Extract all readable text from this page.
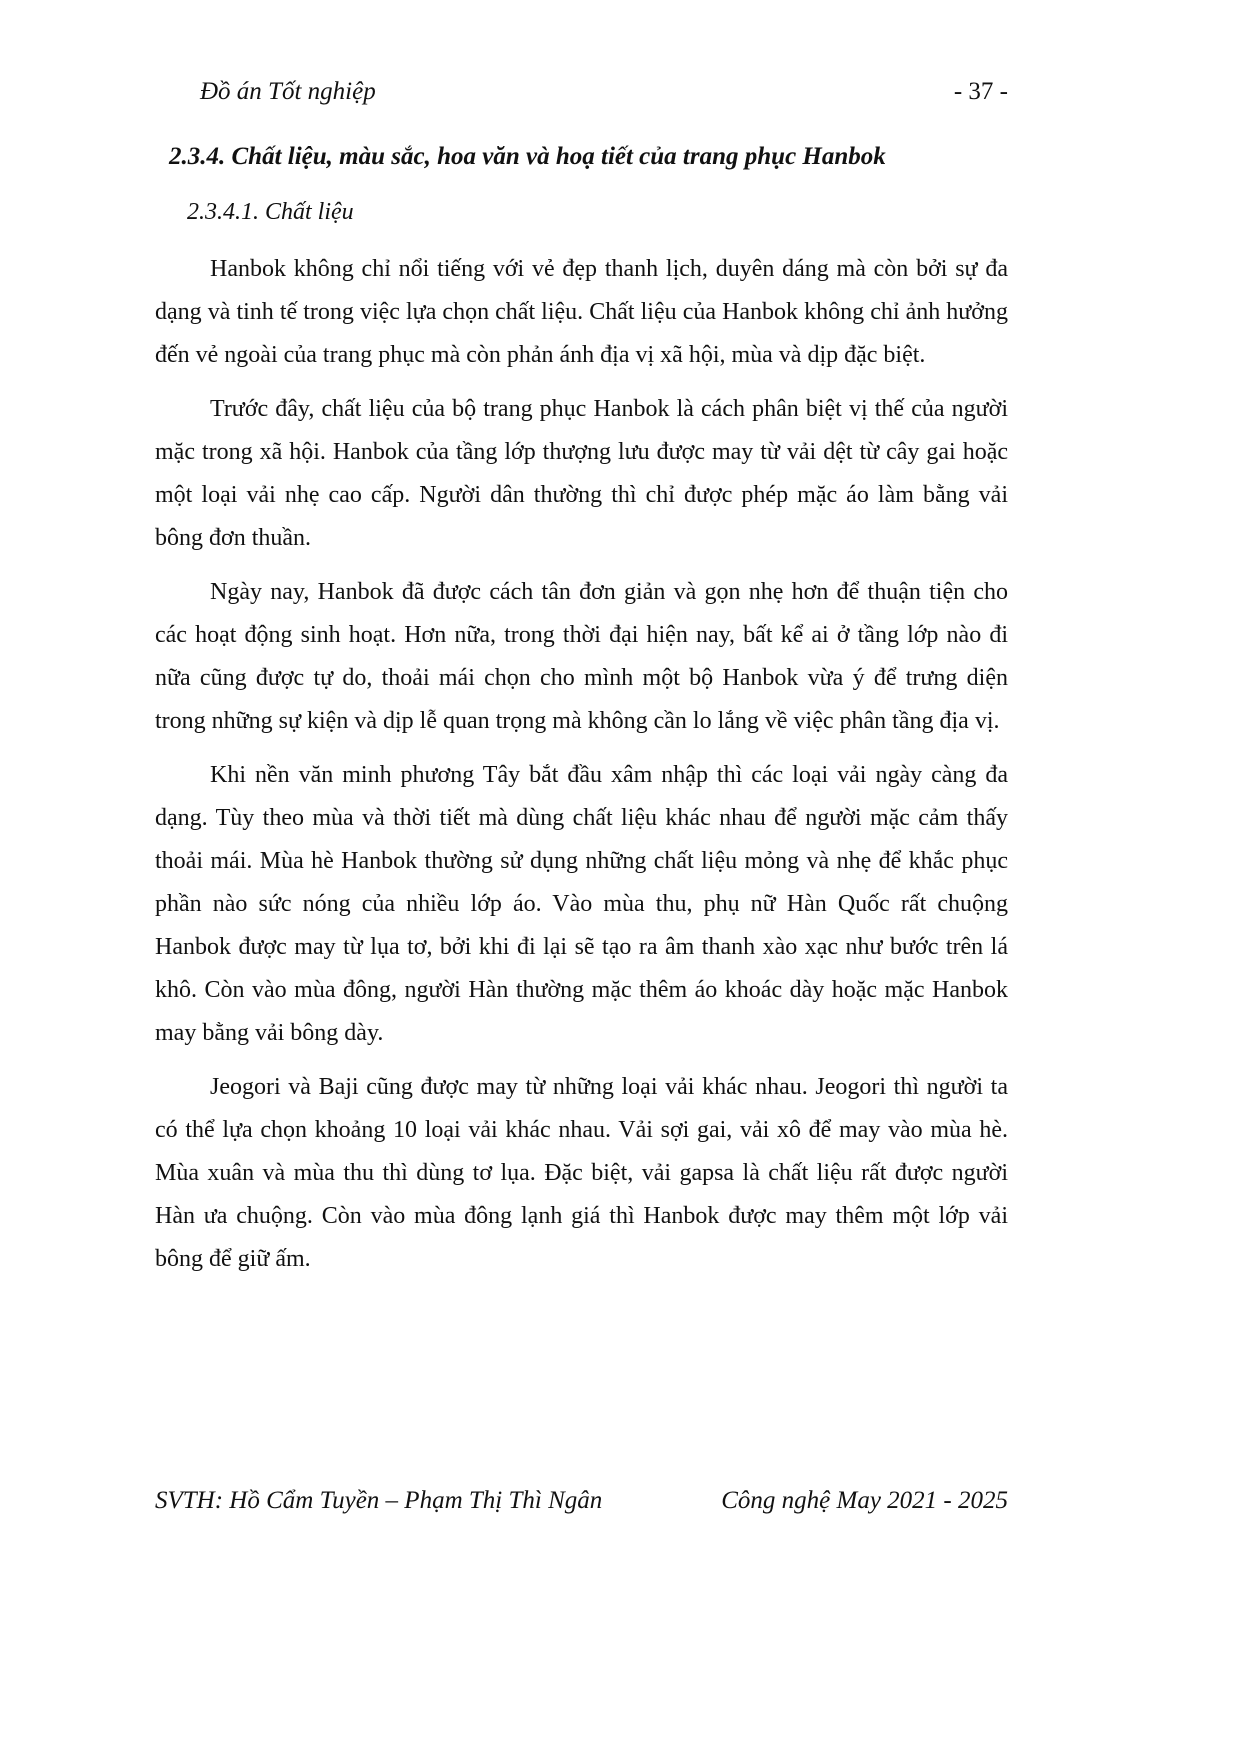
Đồ án Tốt nghiệp	- 37 -
2.3.4. Chất liệu, màu sắc, hoa văn và hoạ tiết của trang phục Hanbok
2.3.4.1. Chất liệu

Hanbok không chỉ nổi tiếng với vẻ đẹp thanh lịch, duyên dáng mà còn bởi sự đa dạng và tinh tế trong việc lựa chọn chất liệu. Chất liệu của Hanbok không chỉ ảnh hưởng đến vẻ ngoài của trang phục mà còn phản ánh địa vị xã hội, mùa và dịp đặc biệt.

Trước đây, chất liệu của bộ trang phục Hanbok là cách phân biệt vị thế của người mặc trong xã hội. Hanbok của tầng lớp thượng lưu được may từ vải dệt từ cây gai hoặc một loại vải nhẹ cao cấp. Người dân thường thì chỉ được phép mặc áo làm bằng vải bông đơn thuần.

Ngày nay, Hanbok đã được cách tân đơn giản và gọn nhẹ hơn để thuận tiện cho các hoạt động sinh hoạt. Hơn nữa, trong thời đại hiện nay, bất kể ai ở tầng lớp nào đi nữa cũng được tự do, thoải mái chọn cho mình một bộ Hanbok vừa ý để trưng diện trong những sự kiện và dịp lễ quan trọng mà không cần lo lắng về việc phân tầng địa vị.

Khi nền văn minh phương Tây bắt đầu xâm nhập thì các loại vải ngày càng đa dạng. Tùy theo mùa và thời tiết mà dùng chất liệu khác nhau để người mặc cảm thấy thoải mái. Mùa hè Hanbok thường sử dụng những chất liệu mỏng và nhẹ để khắc phục phần nào sức nóng của nhiều lớp áo. Vào mùa thu, phụ nữ Hàn Quốc rất chuộng Hanbok được may từ lụa tơ, bởi khi đi lại sẽ tạo ra âm thanh xào xạc như bước trên lá khô. Còn vào mùa đông, người Hàn thường mặc thêm áo khoác dày hoặc mặc Hanbok may bằng vải bông dày.

Jeogori và Baji cũng được may từ những loại vải khác nhau. Jeogori thì người ta có thể lựa chọn khoảng 10 loại vải khác nhau. Vải sợi gai, vải xô để may vào mùa hè. Mùa xuân và mùa thu thì dùng tơ lụa. Đặc biệt, vải gapsa là chất liệu rất được người Hàn ưa chuộng. Còn vào mùa đông lạnh giá thì Hanbok được may thêm một lớp vải bông để giữ ấm.

SVTH: Hồ Cẩm Tuyền – Phạm Thị Thì Ngân	Công nghệ May 2021 - 2025
